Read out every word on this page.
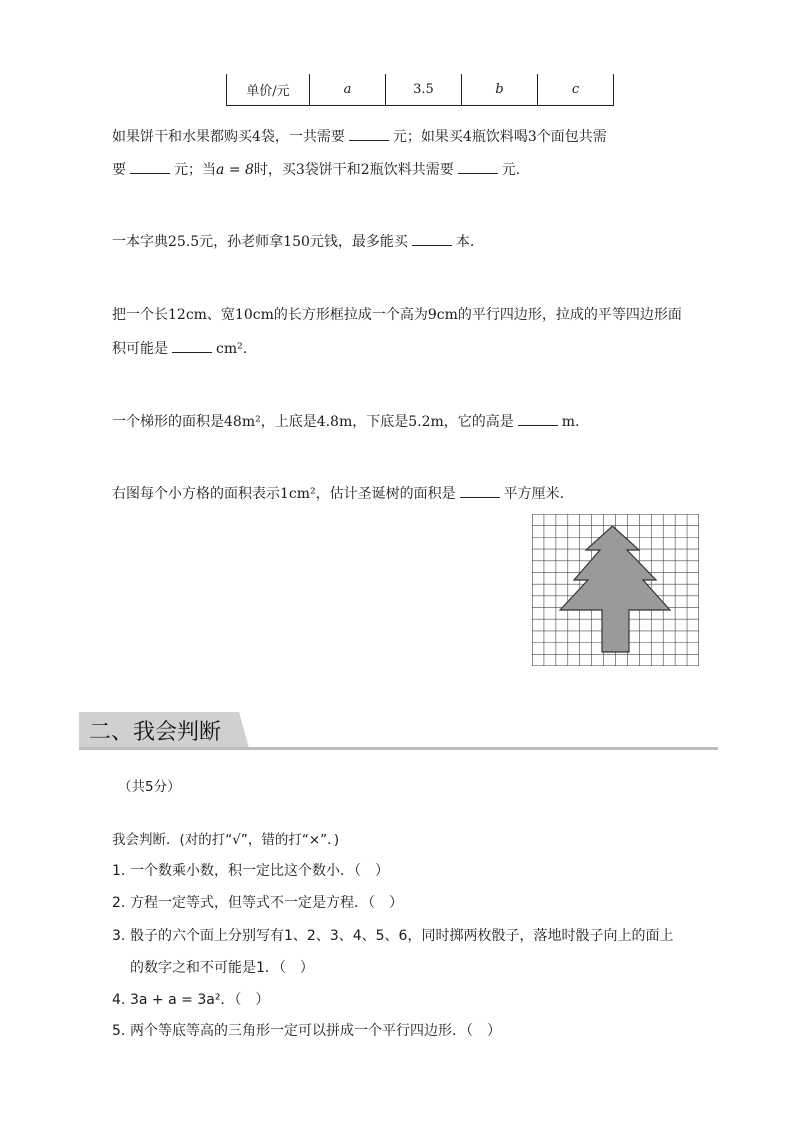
单价/元	a	3.5	b	c
如果饼干和水果都购买4袋，一共需要	元；如果买4瓶饮料喝3个面包共需
要	元；当a = 8时，买3袋饼干和2瓶饮料共需要	元.
一本字典25.5元，孙老师拿150元钱，最多能买	本.
把一个长12cm、宽10cm的长方形框拉成一个高为9cm的平行四边形，拉成的平等四边形面
积可能是	cm².
一个梯形的面积是48m²，上底是4.8m，下底是5.2m，它的高是	m.
右图每个小方格的面积表示1cm²，估计圣诞树的面积是	平方厘米.
二、我会判断
（共5分）
我会判断．(对的打“√”，错的打“×”．)
1. 一个数乘小数，积一定比这个数小．（　）
2. 方程一定等式，但等式不一定是方程．（　）
3. 骰子的六个面上分别写有1、2、3、4、5、6，同时掷两枚骰子，落地时骰子向上的面上
的数字之和不可能是1．（　）
4. 3a + a = 3a²．（　）
5. 两个等底等高的三角形一定可以拼成一个平行四边形．（　）
